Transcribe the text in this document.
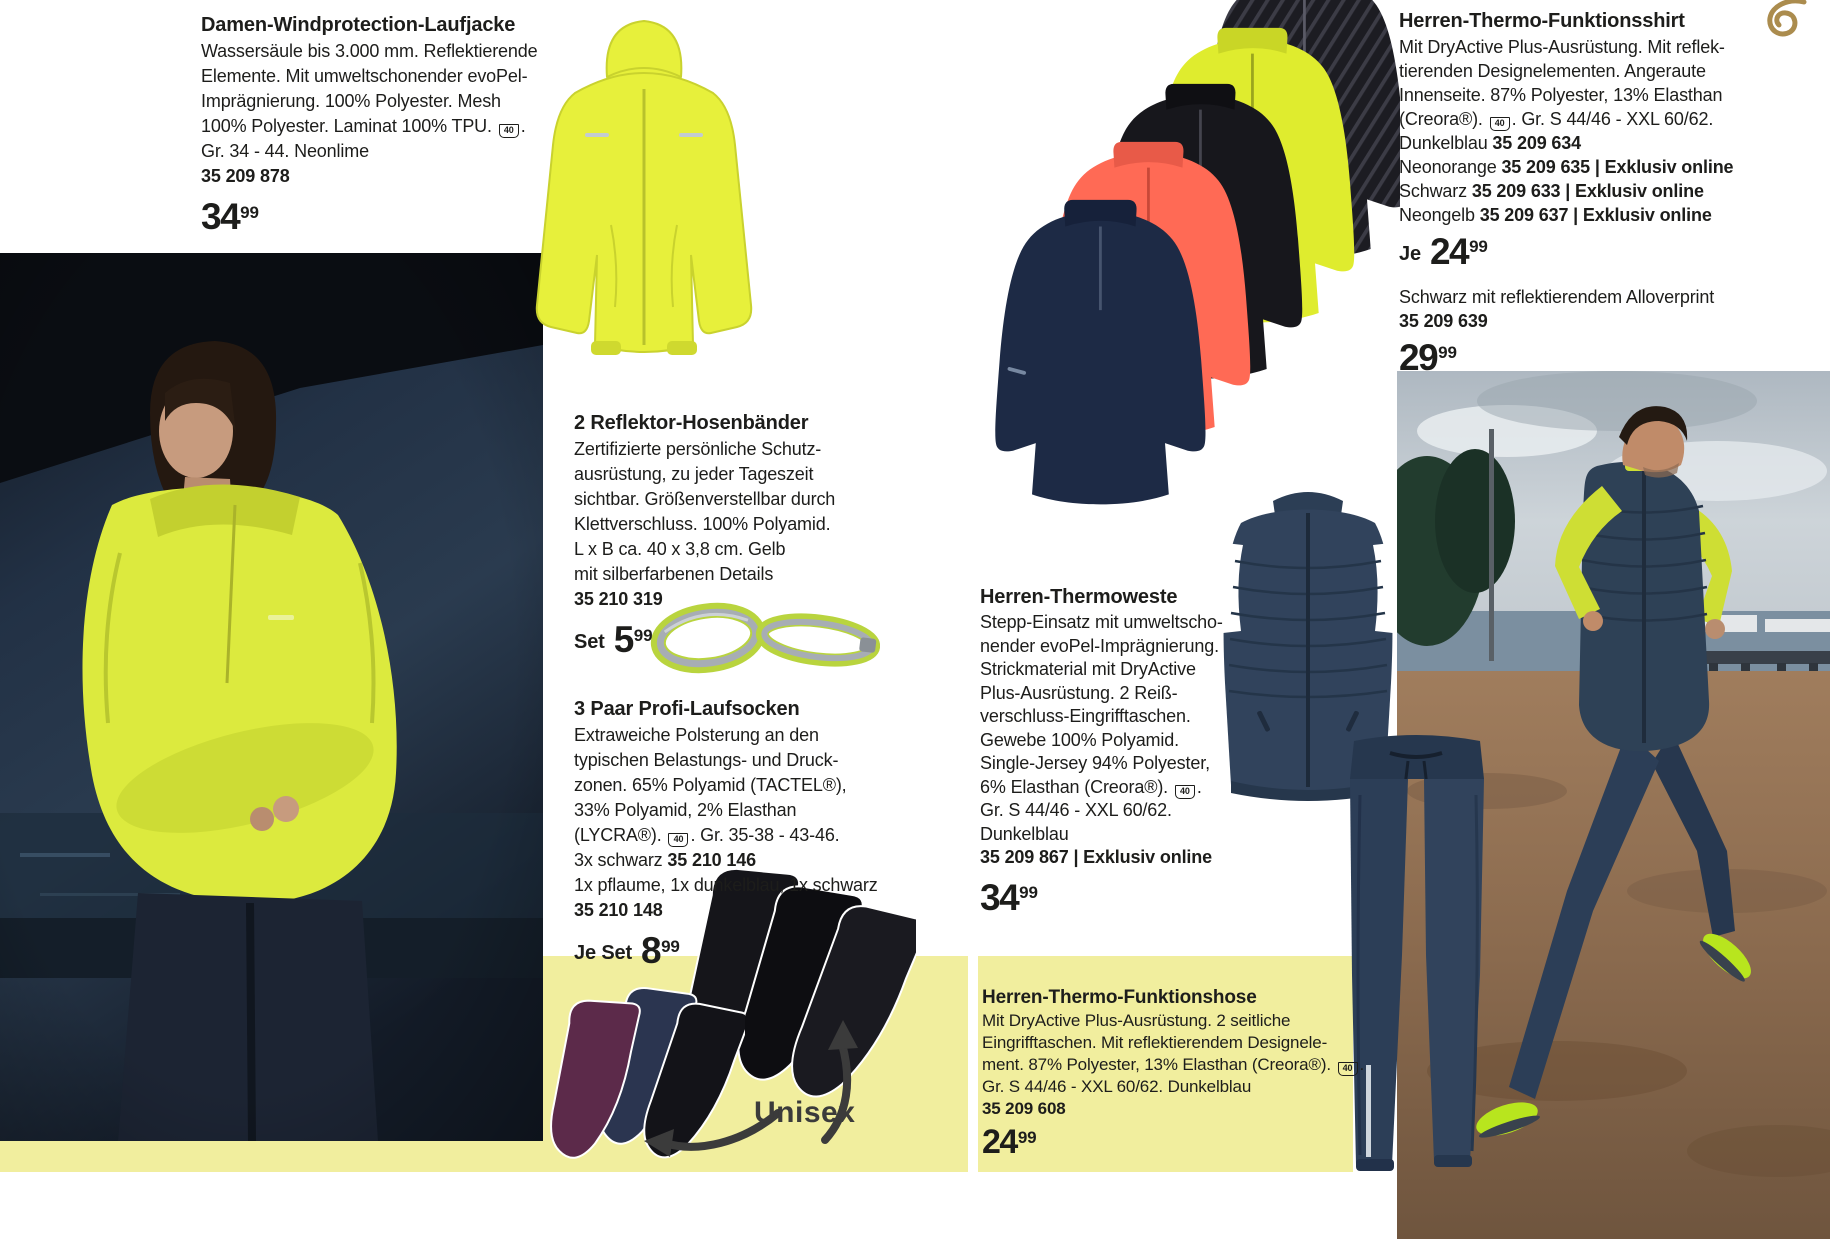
Unisex
Damen-Windprotection-Laufjacke
Wassersäule bis 3.000 mm. Reflektierende
Elemente. Mit umweltschonender evoPel-
Imprägnierung. 100% Polyester. Mesh
100% Polyester. Laminat 100% TPU. 40 .
Gr. 34 - 44. Neonlime
35 209 878
34 99
2 Reflektor-Hosenbänder
Zertifizierte persönliche Schutz-
ausrüstung, zu jeder Tageszeit
sichtbar. Größenverstellbar durch
Klettverschluss. 100% Polyamid.
L x B ca. 40 x 3,8 cm. Gelb
mit silberfarbenen Details
35 210 319
Set 5 99
3 Paar Profi-Laufsocken
Extraweiche Polsterung an den
typischen Belastungs- und Druck-
zonen. 65% Polyamid (TACTEL®),
33% Polyamid, 2% Elasthan
(LYCRA®). 40 . Gr. 35-38 - 43-46.
3x schwarz 35 210 146
1x pflaume, 1x dunkelblau, 1x schwarz
35 210 148
Je Set 8 99
Herren-Thermoweste
Stepp-Einsatz mit umweltscho-
nender evoPel-Imprägnierung.
Strickmaterial mit DryActive
Plus-Ausrüstung. 2 Reiß-
verschluss-Eingrifftaschen.
Gewebe 100% Polyamid.
Single-Jersey 94% Polyester,
6% Elasthan (Creora®). 40 .
Gr. S 44/46 - XXL 60/62.
Dunkelblau
35 209 867 | Exklusiv online
34 99
Herren-Thermo-Funktionsshirt
Mit DryActive Plus-Ausrüstung. Mit reflek-
tierenden Designelementen. Angeraute
Innenseite. 87% Polyester, 13% Elasthan
(Creora®). 40 . Gr. S 44/46 - XXL 60/62.
Dunkelblau 35 209 634
Neonorange 35 209 635 | Exklusiv online
Schwarz 35 209 633 | Exklusiv online
Neongelb 35 209 637 | Exklusiv online
Je 24 99
Schwarz mit reflektierendem Alloverprint
35 209 639
29 99
Herren-Thermo-Funktionshose
Mit DryActive Plus-Ausrüstung. 2 seitliche
Eingrifftaschen. Mit reflektierendem Designele-
ment. 87% Polyester, 13% Elasthan (Creora®). 40 .
Gr. S 44/46 - XXL 60/62. Dunkelblau
35 209 608
24 99
